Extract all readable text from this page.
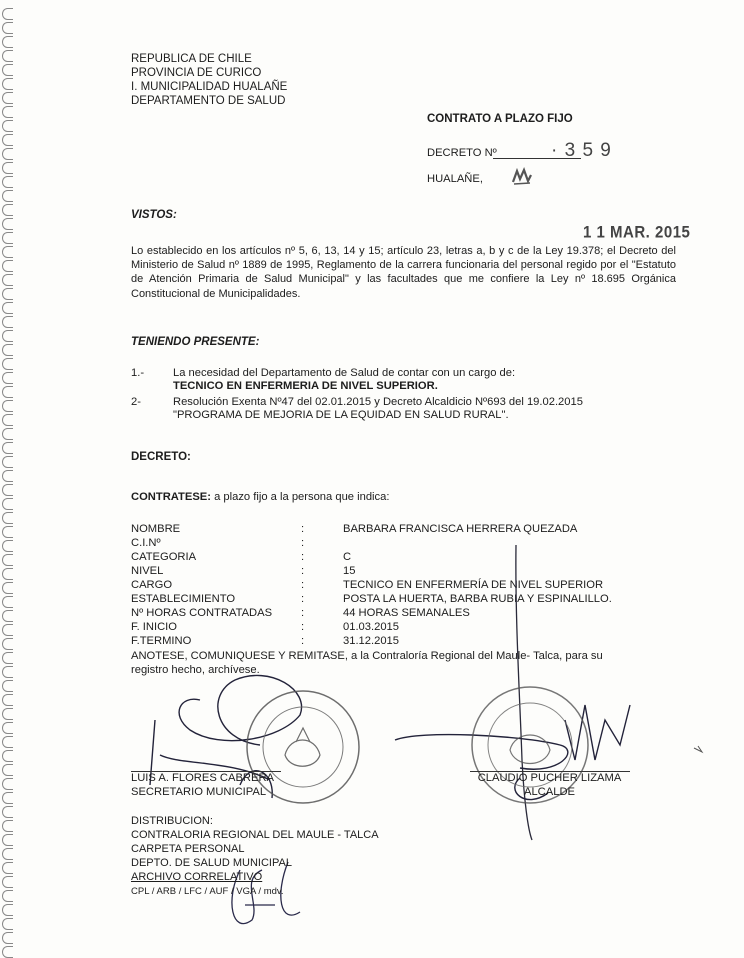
REPUBLICA DE CHILE
PROVINCIA DE CURICO
I. MUNICIPALIDAD HUALAÑE
DEPARTAMENTO DE SALUD
CONTRATO A PLAZO FIJO
DECRETO Nº	· 3 5 9
HUALAÑE,
VISTOS:
1 1 MAR. 2015
Lo establecido en los artículos nº 5, 6, 13, 14 y 15; artículo 23, letras a, b y c de la Ley 19.378; el Decreto del Ministerio de Salud nº 1889 de 1995, Reglamento de la carrera funcionaria del personal regido por el "Estatuto de Atención Primaria de Salud Municipal" y las facultades que me confiere la Ley nº 18.695 Orgánica Constitucional de Municipalidades.
TENIENDO PRESENTE:
1.-	La necesidad del Departamento de Salud de contar con un cargo de:
TECNICO EN ENFERMERIA DE NIVEL SUPERIOR.
2-	Resolución Exenta Nº47 del 02.01.2015 y Decreto Alcaldicio Nº693 del 19.02.2015
"PROGRAMA DE MEJORIA DE LA EQUIDAD EN SALUD RURAL".
DECRETO:
CONTRATESE: a plazo fijo a la persona que indica:
NOMBRE	:	BARBARA FRANCISCA HERRERA QUEZADA
C.I.Nº	:
CATEGORIA	:	C
NIVEL	:	15
CARGO	:	TECNICO EN ENFERMERÍA DE NIVEL SUPERIOR
ESTABLECIMIENTO	:	POSTA LA HUERTA, BARBA RUBIA Y ESPINALILLO.
Nº HORAS CONTRATADAS	:	44 HORAS SEMANALES
F. INICIO	:	01.03.2015
F.TERMINO	:	31.12.2015
ANOTESE, COMUNIQUESE Y REMITASE, a la Contraloría Regional del Maule- Talca, para su
registro hecho, archívese.
LUIS A. FLORES CABRERA
SECRETARIO MUNICIPAL
CLAUDIO PUCHER LIZAMA
ALCALDE
DISTRIBUCION:
CONTRALORIA REGIONAL DEL MAULE - TALCA
CARPETA PERSONAL
DEPTO. DE SALUD MUNICIPAL
ARCHIVO CORRELATIVO
CPL / ARB / LFC / AUF / VGA / mdv.
